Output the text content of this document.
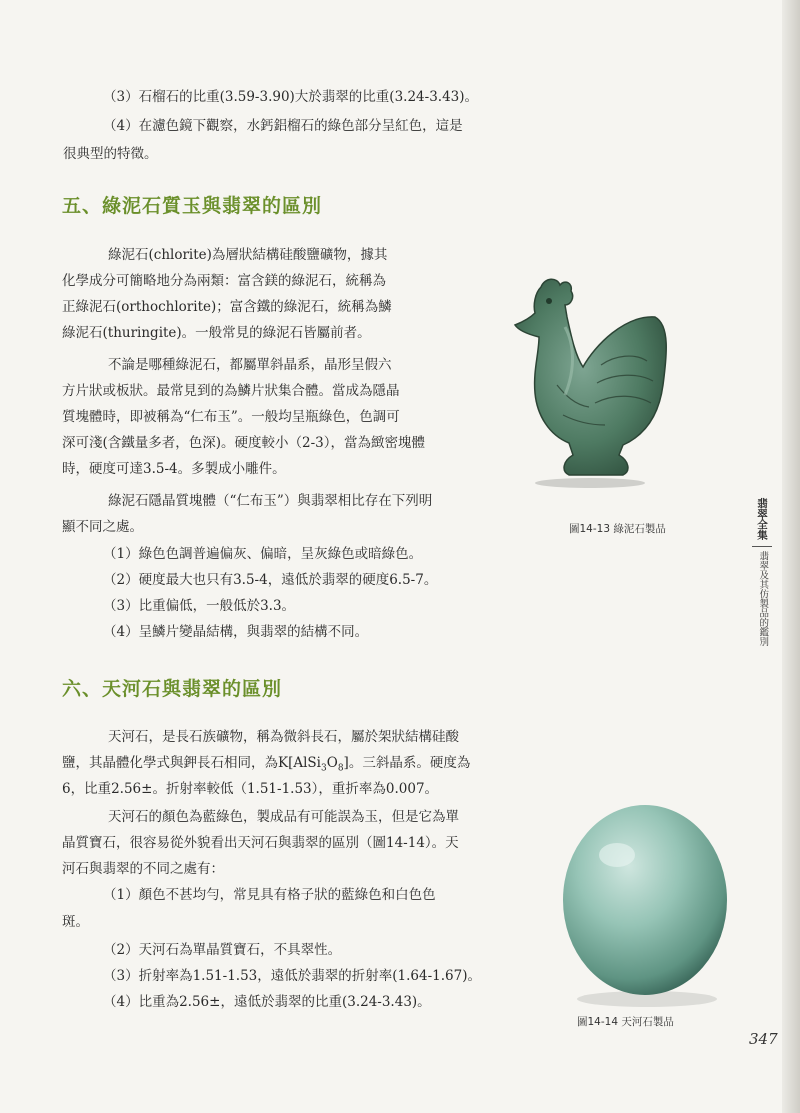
（3）石榴石的比重(3.59-3.90)大於翡翠的比重(3.24-3.43)。

（4）在濾色鏡下觀察，水鈣鋁榴石的綠色部分呈紅色，這是

很典型的特徵。

五、綠泥石質玉與翡翠的區別

綠泥石(chlorite)為層狀結構硅酸鹽礦物，據其

化學成分可簡略地分為兩類：富含鎂的綠泥石，統稱為

正綠泥石(orthochlorite)；富含鐵的綠泥石，統稱為鱗

綠泥石(thuringite)。一般常見的綠泥石皆屬前者。

不論是哪種綠泥石，都屬單斜晶系，晶形呈假六

方片狀或板狀。最常見到的為鱗片狀集合體。當成為隱晶

質塊體時，即被稱為“仁布玉”。一般均呈瓶綠色，色調可

深可淺(含鐵量多者，色深)。硬度較小（2-3），當為緻密塊體

時，硬度可達3.5-4。多製成小雕件。

綠泥石隱晶質塊體（“仁布玉”）與翡翠相比存在下列明

顯不同之處。

（1）綠色色調普遍偏灰、偏暗，呈灰綠色或暗綠色。

（2）硬度最大也只有3.5-4，遠低於翡翠的硬度6.5-7。

（3）比重偏低，一般低於3.3。

（4）呈鱗片變晶結構，與翡翠的結構不同。

圖14-13 綠泥石製品
六、天河石與翡翠的區別

天河石，是長石族礦物，稱為微斜長石，屬於架狀結構硅酸

鹽，其晶體化學式與鉀長石相同，為$K[AlSi_3O_8]$。三斜晶系。硬度為

6，比重2.56±。折射率較低（1.51-1.53），重折率為0.007。

天河石的顏色為藍綠色，製成品有可能誤為玉，但是它為單

晶質寶石，很容易從外貌看出天河石與翡翠的區別（圖14-14）。天

河石與翡翠的不同之處有：

（1）顏色不甚均勻，常見具有格子狀的藍綠色和白色色

斑。

（2）天河石為單晶質寶石，不具翠性。

（3）折射率為1.51-1.53，遠低於翡翠的折射率(1.64-1.67)。

（4）比重為2.56±，遠低於翡翠的比重(3.24-3.43)。

圖14-14 天河石製品
翡翠全集
翡翠及其仿製品的鑑別
347
